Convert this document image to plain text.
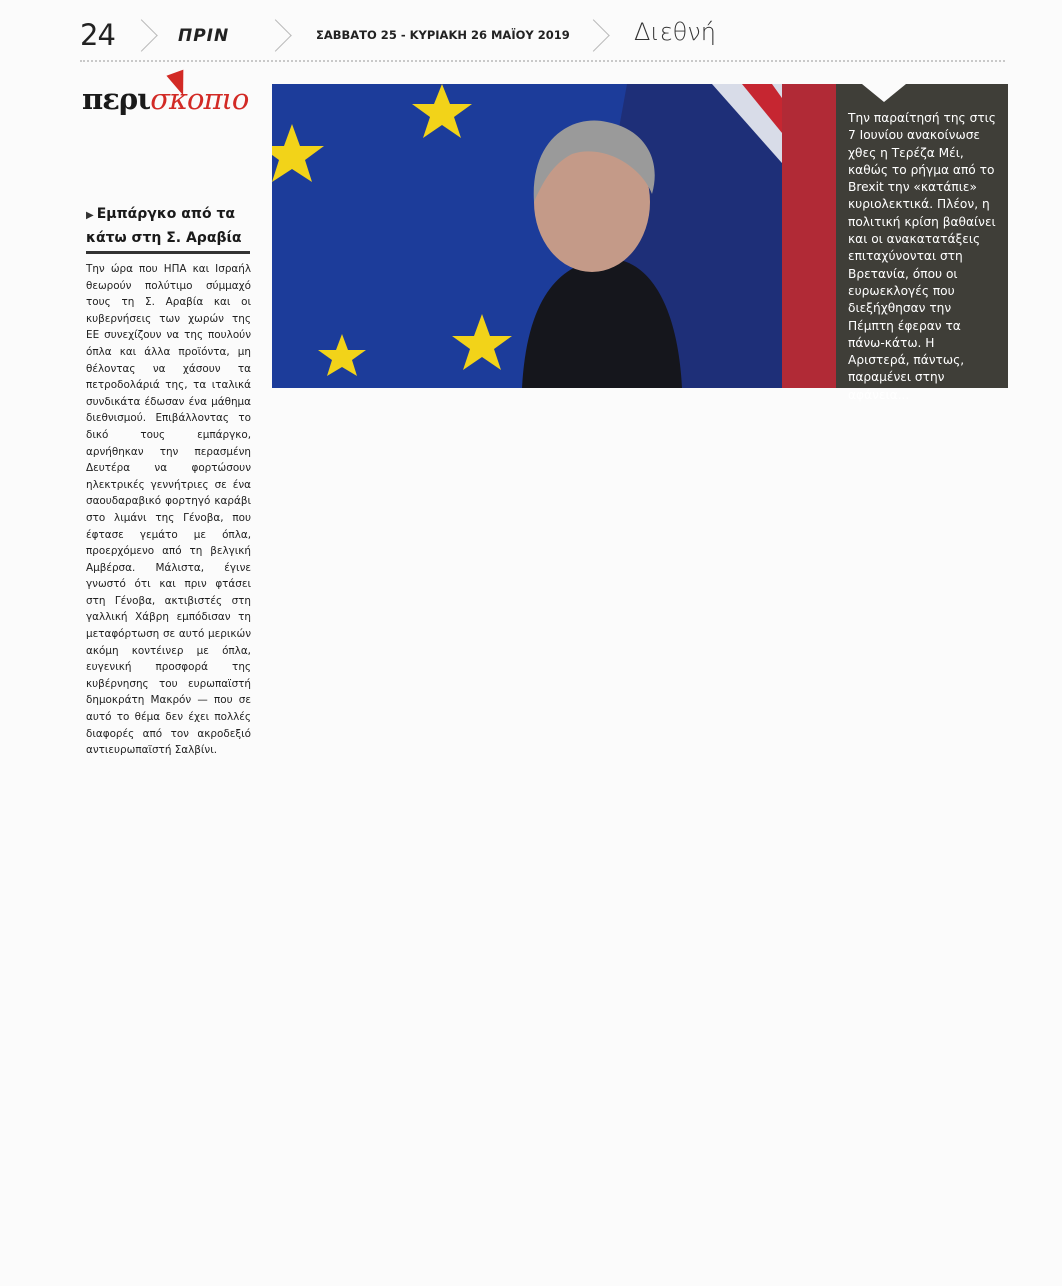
24	ΠΡΙΝ	ΣΑΒΒΑΤΟ 25 - ΚΥΡΙΑΚΗ 26 ΜΑΪΟΥ 2019	Διεθνή
περισκοπιο
Την παραίτησή της στις 7 Ιουνίου ανακοίνωσε χθες η Τερέζα Μέι, καθώς το ρήγμα από το Brexit την «κατάπιε» κυριολεκτικά. Πλέον, η πολιτική κρίση βαθαίνει και οι ανακατατάξεις επιταχύνονται στη Βρετανία, όπου οι ευρωεκλογές που διεξήχθησαν την Πέμπτη έφεραν τα πάνω-κάτω. Η Αριστερά, πάντως, παραμένει στην αφάνεια...
▶ Εμπάργκο από τα κάτω στη Σ. Αραβία
Την ώρα που ΗΠΑ και Ισραήλ θεωρούν πολύτιμο σύμμαχό τους τη Σ. Αραβία και οι κυβερνήσεις των χωρών της ΕΕ συνεχίζουν να της πουλούν όπλα και άλλα προϊόντα, μη θέλοντας να χάσουν τα πετροδολάριά της, τα ιταλικά συνδικάτα έδωσαν ένα μάθημα διεθνισμού. Επιβάλλοντας το δικό τους εμπάργκο, αρνήθηκαν την περασμένη Δευτέρα να φορτώσουν ηλεκτρικές γεννήτριες σε ένα σαουδαραβικό φορτηγό καράβι στο λιμάνι της Γένοβα, που έφτασε γεμάτο με όπλα, προερχόμενο από τη βελγική Αμβέρσα. Μάλιστα, έγινε γνωστό ότι και πριν φτάσει στη Γένοβα, ακτιβιστές στη γαλλική Χάβρη εμπόδισαν τη μεταφόρτωση σε αυτό μερικών ακόμη κοντέινερ με όπλα, ευγενική προσφορά της κυβέρνησης του ευρωπαϊστή δημοκράτη Μακρόν — που σε αυτό το θέμα δεν έχει πολλές διαφορές από τον ακροδεξιό αντιευρωπαϊστή Σαλβίνι.
